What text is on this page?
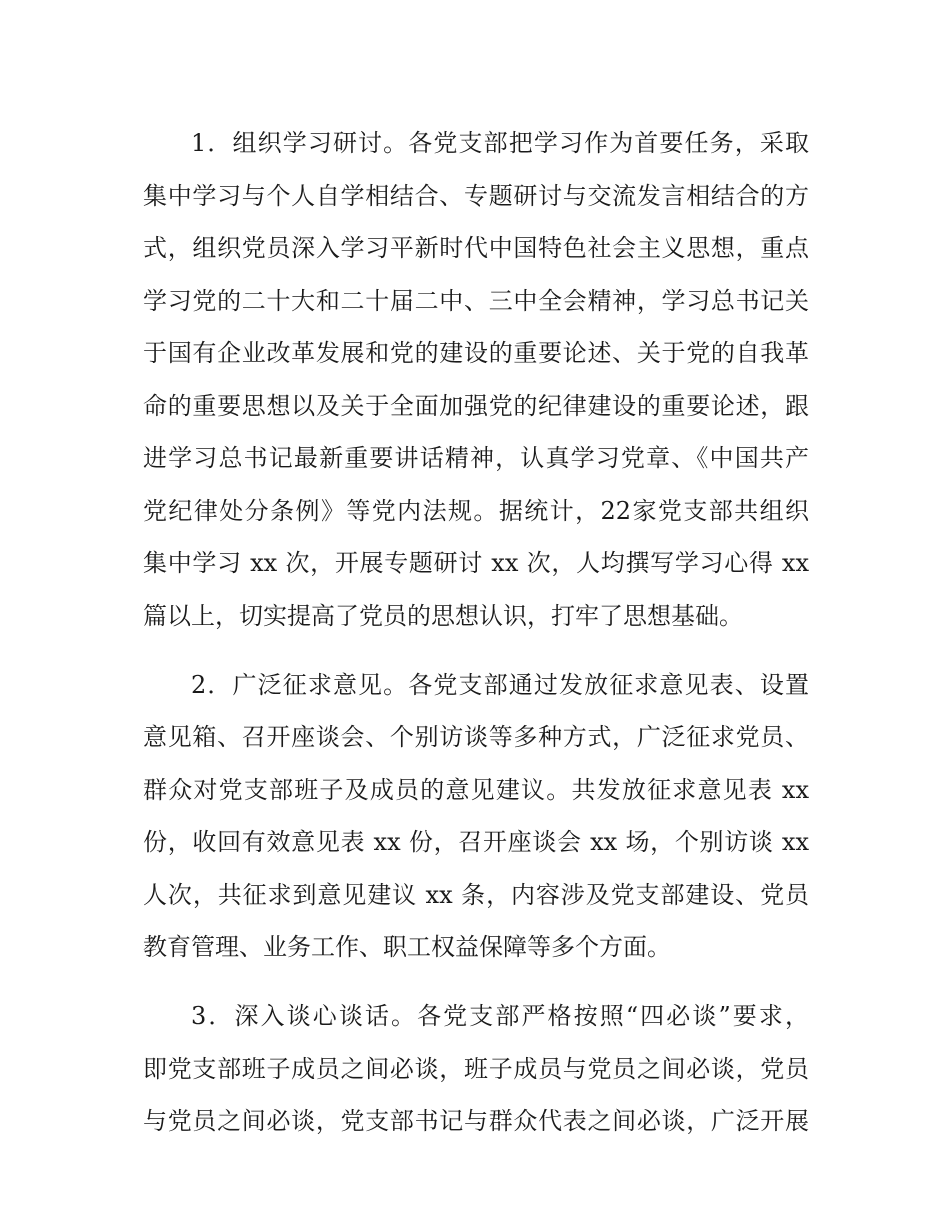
1．组织学习研讨。各党支部把学习作为首要任务，采取
集中学习与个人自学相结合、专题研讨与交流发言相结合的方
式，组织党员深入学习平新时代中国特色社会主义思想，重点
学习党的二十大和二十届二中、三中全会精神，学习总书记关
于国有企业改革发展和党的建设的重要论述、关于党的自我革
命的重要思想以及关于全面加强党的纪律建设的重要论述，跟
进学习总书记最新重要讲话精神，认真学习党章、《中国共产
党纪律处分条例》等党内法规。据统计，22家党支部共组织
集中学习 xx 次，开展专题研讨 xx 次，人均撰写学习心得 xx
篇以上，切实提高了党员的思想认识，打牢了思想基础。
2．广泛征求意见。各党支部通过发放征求意见表、设置
意见箱、召开座谈会、个别访谈等多种方式，广泛征求党员、
群众对党支部班子及成员的意见建议。共发放征求意见表 xx
份，收回有效意见表 xx 份，召开座谈会 xx 场，个别访谈 xx
人次，共征求到意见建议 xx 条，内容涉及党支部建设、党员
教育管理、业务工作、职工权益保障等多个方面。
3．深入谈心谈话。各党支部严格按照“四必谈”要求，
即党支部班子成员之间必谈，班子成员与党员之间必谈，党员
与党员之间必谈，党支部书记与群众代表之间必谈，广泛开展
